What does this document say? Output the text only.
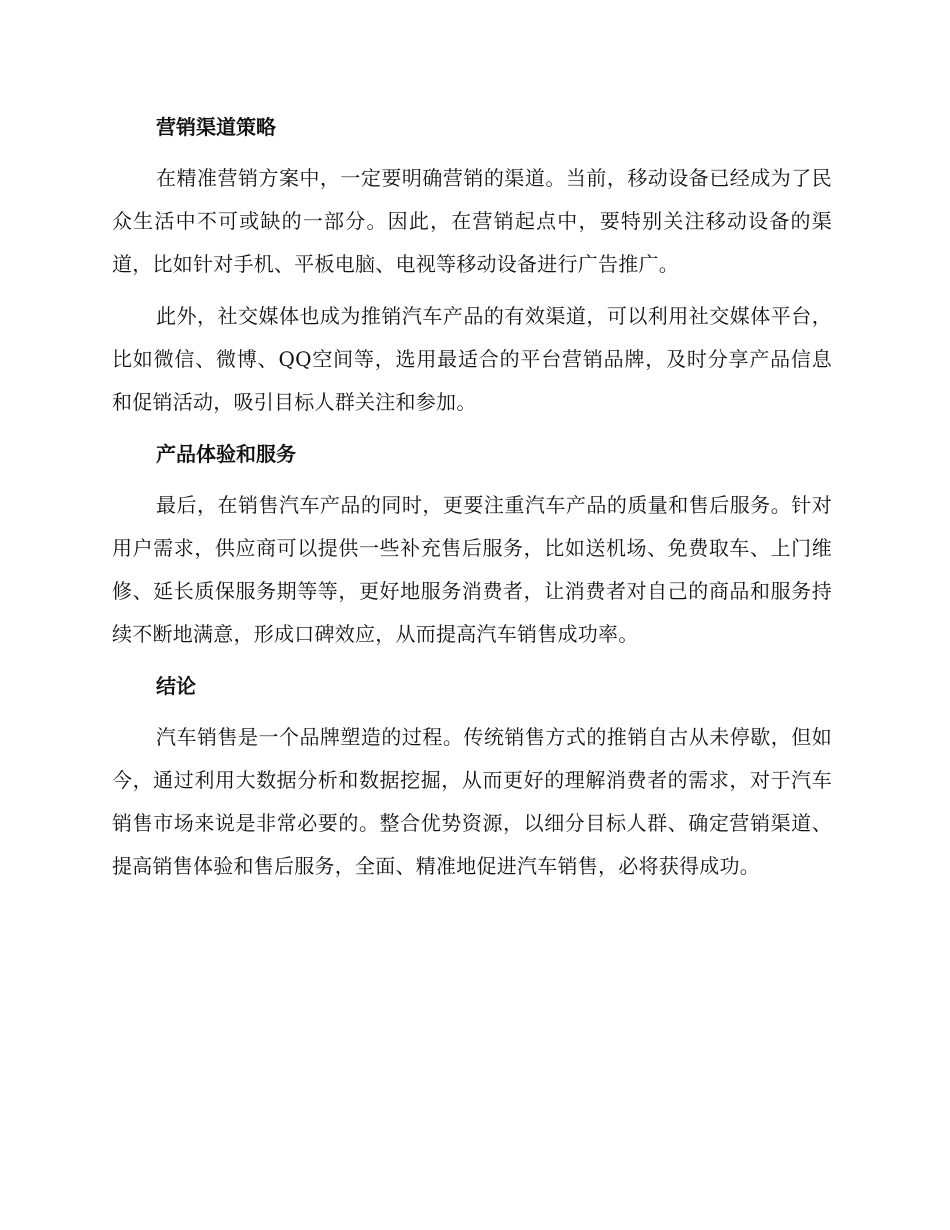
营销渠道策略

在精准营销方案中，一定要明确营销的渠道。当前，移动设备已经成为了民众生活中不可或缺的一部分。因此，在营销起点中，要特别关注移动设备的渠道，比如针对手机、平板电脑、电视等移动设备进行广告推广。

此外，社交媒体也成为推销汽车产品的有效渠道，可以利用社交媒体平台，比如微信、微博、QQ空间等，选用最适合的平台营销品牌，及时分享产品信息和促销活动，吸引目标人群关注和参加。

产品体验和服务

最后，在销售汽车产品的同时，更要注重汽车产品的质量和售后服务。针对用户需求，供应商可以提供一些补充售后服务，比如送机场、免费取车、上门维修、延长质保服务期等等，更好地服务消费者，让消费者对自己的商品和服务持续不断地满意，形成口碑效应，从而提高汽车销售成功率。

结论

汽车销售是一个品牌塑造的过程。传统销售方式的推销自古从未停歇，但如今，通过利用大数据分析和数据挖掘，从而更好的理解消费者的需求，对于汽车销售市场来说是非常必要的。整合优势资源，以细分目标人群、确定营销渠道、提高销售体验和售后服务，全面、精准地促进汽车销售，必将获得成功。
